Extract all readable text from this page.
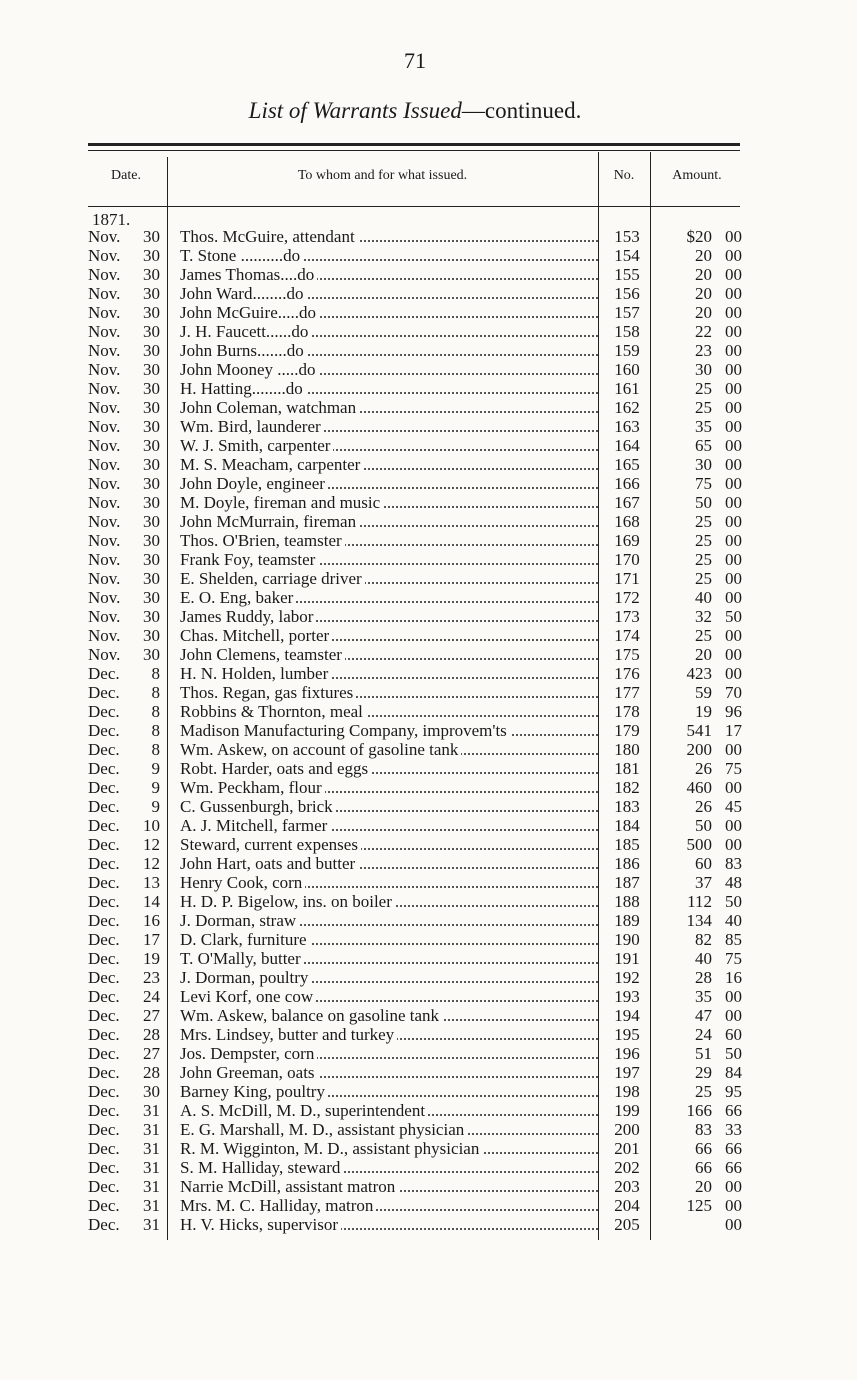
71
List of Warrants Issued—continued.
Date.	To whom and for what issued.	No.	Amount.
1871.
Nov. 30	Thos. McGuire, attendant	153	$20 00
Nov. 30	T. Stone ..........do	154	20 00
Nov. 30	James Thomas....do	155	20 00
Nov. 30	John Ward........do	156	20 00
Nov. 30	John McGuire.....do	157	20 00
Nov. 30	J. H. Faucett......do	158	22 00
Nov. 30	John Burns.......do	159	23 00
Nov. 30	John Mooney .....do	160	30 00
Nov. 30	H. Hatting........do	161	25 00
Nov. 30	John Coleman, watchman	162	25 00
Nov. 30	Wm. Bird, launderer	163	35 00
Nov. 30	W. J. Smith, carpenter	164	65 00
Nov. 30	M. S. Meacham, carpenter	165	30 00
Nov. 30	John Doyle, engineer	166	75 00
Nov. 30	M. Doyle, fireman and music	167	50 00
Nov. 30	John McMurrain, fireman	168	25 00
Nov. 30	Thos. O'Brien, teamster	169	25 00
Nov. 30	Frank Foy, teamster	170	25 00
Nov. 30	E. Shelden, carriage driver	171	25 00
Nov. 30	E. O. Eng, baker	172	40 00
Nov. 30	James Ruddy, labor	173	32 50
Nov. 30	Chas. Mitchell, porter	174	25 00
Nov. 30	John Clemens, teamster	175	20 00
Dec. 8	H. N. Holden, lumber	176	423 00
Dec. 8	Thos. Regan, gas fixtures	177	59 70
Dec. 8	Robbins & Thornton, meal	178	19 96
Dec. 8	Madison Manufacturing Company, improvem'ts	179	541 17
Dec. 8	Wm. Askew, on account of gasoline tank	180	200 00
Dec. 9	Robt. Harder, oats and eggs	181	26 75
Dec. 9	Wm. Peckham, flour	182	460 00
Dec. 9	C. Gussenburgh, brick	183	26 45
Dec. 10	A. J. Mitchell, farmer	184	50 00
Dec. 12	Steward, current expenses	185	500 00
Dec. 12	John Hart, oats and butter	186	60 83
Dec. 13	Henry Cook, corn	187	37 48
Dec. 14	H. D. P. Bigelow, ins. on boiler	188	112 50
Dec. 16	J. Dorman, straw	189	134 40
Dec. 17	D. Clark, furniture	190	82 85
Dec. 19	T. O'Mally, butter	191	40 75
Dec. 23	J. Dorman, poultry	192	28 16
Dec. 24	Levi Korf, one cow	193	35 00
Dec. 27	Wm. Askew, balance on gasoline tank	194	47 00
Dec. 28	Mrs. Lindsey, butter and turkey	195	24 60
Dec. 27	Jos. Dempster, corn	196	51 50
Dec. 28	John Greeman, oats	197	29 84
Dec. 30	Barney King, poultry	198	25 95
Dec. 31	A. S. McDill, M. D., superintendent	199	166 66
Dec. 31	E. G. Marshall, M. D., assistant physician	200	83 33
Dec. 31	R. M. Wigginton, M. D., assistant physician	201	66 66
Dec. 31	S. M. Halliday, steward	202	66 66
Dec. 31	Narrie McDill, assistant matron	203	20 00
Dec. 31	Mrs. M. C. Halliday, matron	204	125 00
Dec. 31	H. V. Hicks, supervisor	205	00
